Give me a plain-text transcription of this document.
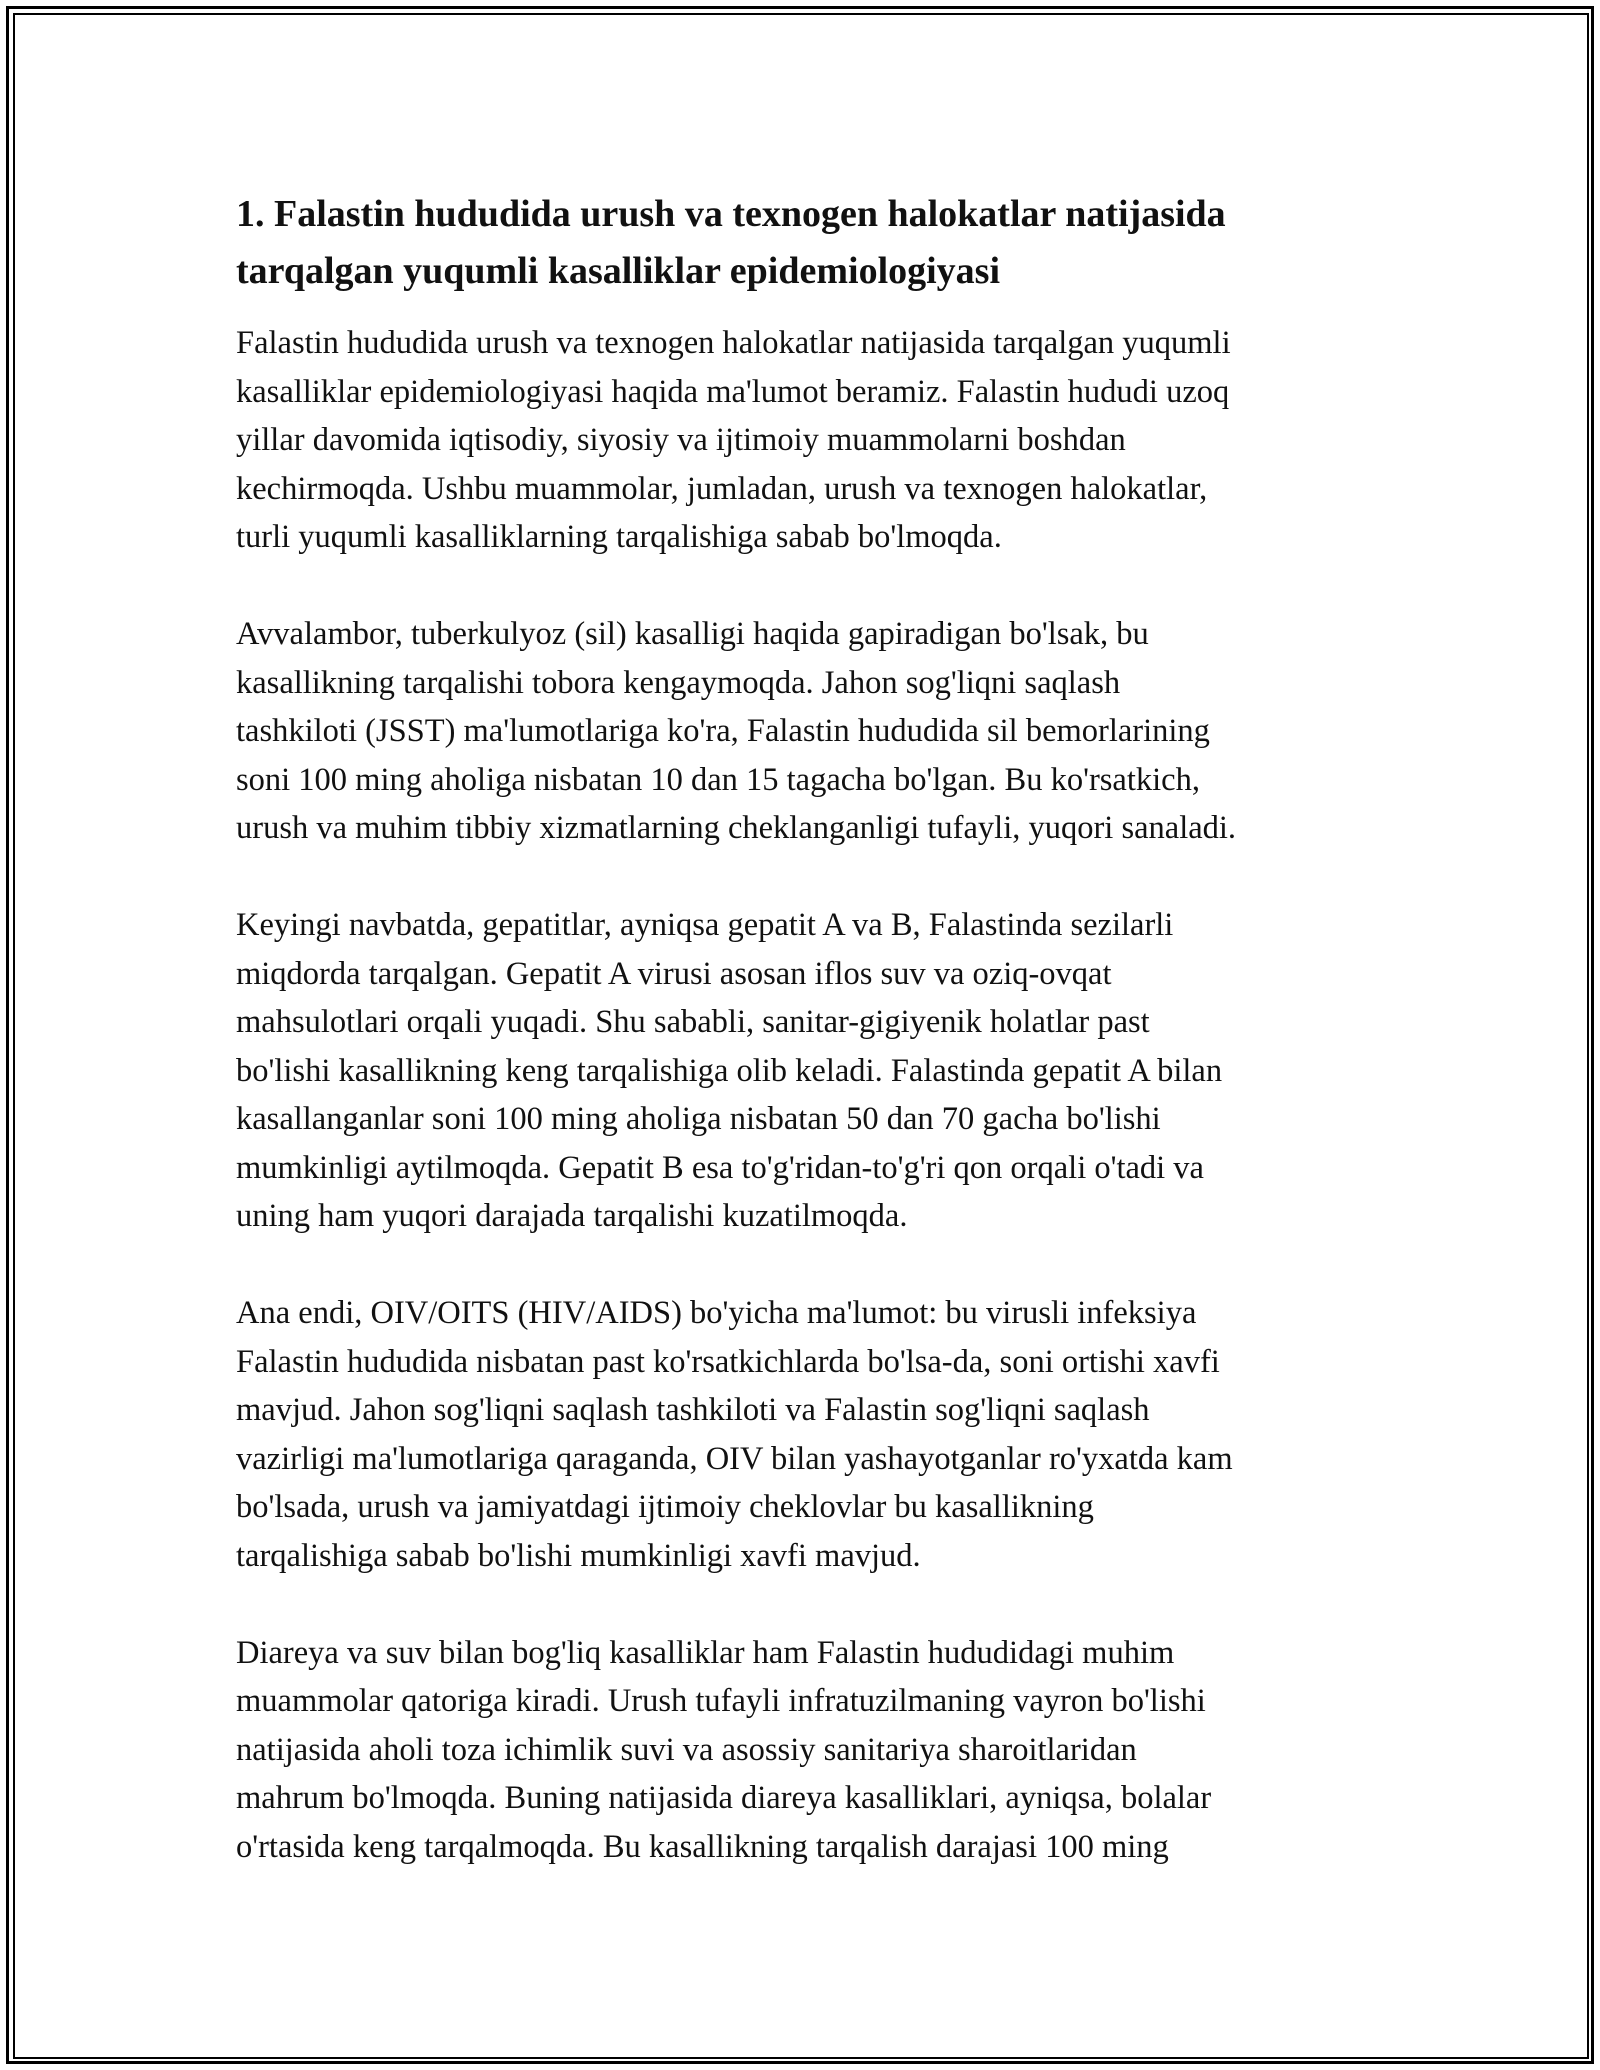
1. Falastin hududida urush va texnogen halokatlar natijasida
tarqalgan yuqumli kasalliklar epidemiologiyasi

Falastin hududida urush va texnogen halokatlar natijasida tarqalgan yuqumli
kasalliklar epidemiologiyasi haqida ma'lumot beramiz. Falastin hududi uzoq
yillar davomida iqtisodiy, siyosiy va ijtimoiy muammolarni boshdan
kechirmoqda. Ushbu muammolar, jumladan, urush va texnogen halokatlar,
turli yuqumli kasalliklarning tarqalishiga sabab bo'lmoqda.

Avvalambor, tuberkulyoz (sil) kasalligi haqida gapiradigan bo'lsak, bu
kasallikning tarqalishi tobora kengaymoqda. Jahon sog'liqni saqlash
tashkiloti (JSST) ma'lumotlariga ko'ra, Falastin hududida sil bemorlarining
soni 100 ming aholiga nisbatan 10 dan 15 tagacha bo'lgan. Bu ko'rsatkich,
urush va muhim tibbiy xizmatlarning cheklanganligi tufayli, yuqori sanaladi.

Keyingi navbatda, gepatitlar, ayniqsa gepatit A va B, Falastinda sezilarli
miqdorda tarqalgan. Gepatit A virusi asosan iflos suv va oziq-ovqat
mahsulotlari orqali yuqadi. Shu sababli, sanitar-gigiyenik holatlar past
bo'lishi kasallikning keng tarqalishiga olib keladi. Falastinda gepatit A bilan
kasallanganlar soni 100 ming aholiga nisbatan 50 dan 70 gacha bo'lishi
mumkinligi aytilmoqda. Gepatit B esa to'g'ridan-to'g'ri qon orqali o'tadi va
uning ham yuqori darajada tarqalishi kuzatilmoqda.

Ana endi, OIV/OITS (HIV/AIDS) bo'yicha ma'lumot: bu virusli infeksiya
Falastin hududida nisbatan past ko'rsatkichlarda bo'lsa-da, soni ortishi xavfi
mavjud. Jahon sog'liqni saqlash tashkiloti va Falastin sog'liqni saqlash
vazirligi ma'lumotlariga qaraganda, OIV bilan yashayotganlar ro'yxatda kam
bo'lsada, urush va jamiyatdagi ijtimoiy cheklovlar bu kasallikning
tarqalishiga sabab bo'lishi mumkinligi xavfi mavjud.

Diareya va suv bilan bog'liq kasalliklar ham Falastin hududidagi muhim
muammolar qatoriga kiradi. Urush tufayli infratuzilmaning vayron bo'lishi
natijasida aholi toza ichimlik suvi va asossiy sanitariya sharoitlaridan
mahrum bo'lmoqda. Buning natijasida diareya kasalliklari, ayniqsa, bolalar
o'rtasida keng tarqalmoqda. Bu kasallikning tarqalish darajasi 100 ming
